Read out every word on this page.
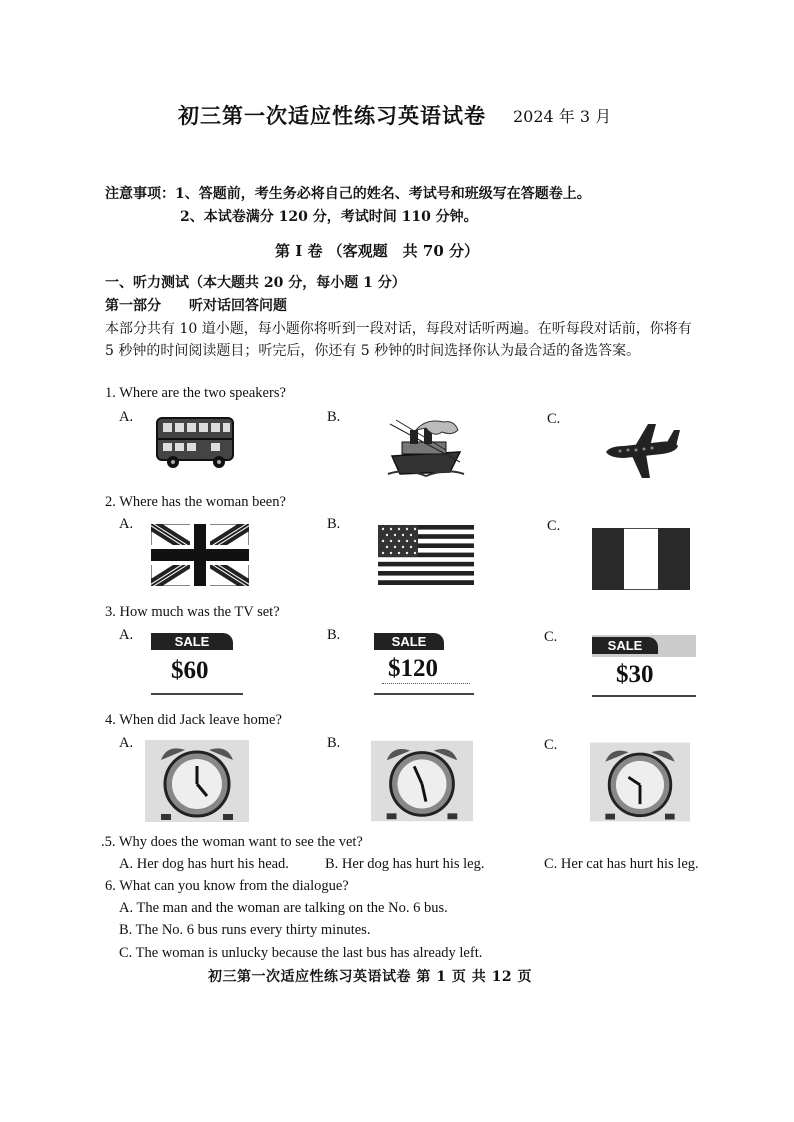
初三第一次适应性练习英语试卷 2024 年 3 月
注意事项：1、答题前，考生务必将自己的姓名、考试号和班级写在答题卷上。
2、本试卷满分 120 分，考试时间 110 分钟。
第 I 卷 （客观题　共 70 分）
一、听力测试（本大题共 20 分，每小题 1 分）
第一部分 听对话回答问题
本部分共有 10 道小题，每小题你将听到一段对话，每段对话听两遍。在听每段对话前，你将有 5 秒钟的时间阅读题目；听完后，你还有 5 秒钟的时间选择你认为最合适的备选答案。
1. Where are the two speakers?
A.	B.	C.
2. Where has the woman been?
A.	B.	C.
3. How much was the TV set?
A.	B.	C.
SALE
$60
SALE
$120
SALE
$30
4. When did Jack leave home?
A.	B.	C.
.5. Why does the woman want to see the vet?
A. Her dog has hurt his head. B. Her dog has hurt his leg.	C. Her cat has hurt his leg.
6. What can you know from the dialogue?
A. The man and the woman are talking on the No. 6 bus.
B. The No. 6 bus runs every thirty minutes.
C. The woman is unlucky because the last bus has already left.
初三第一次适应性练习英语试卷 第 1 页 共 12 页
